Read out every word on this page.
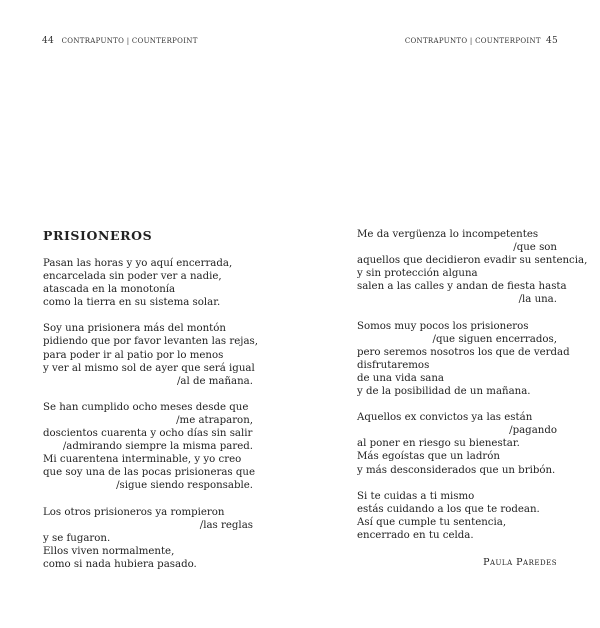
44 CONTRAPUNTO | COUNTERPOINT	CONTRAPUNTO | COUNTERPOINT 45
PRISIONEROS
Pasan las horas y yo aquí encerrada,
encarcelada sin poder ver a nadie,
atascada en la monotonía
como la tierra en su sistema solar.
Soy una prisionera más del montón
pidiendo que por favor levanten las rejas,
para poder ir al patio por lo menos
y ver al mismo sol de ayer que será igual
/al de mañana.
Se han cumplido ocho meses desde que
/me atraparon,
doscientos cuarenta y ocho días sin salir
/admirando siempre la misma pared.
Mi cuarentena interminable, y yo creo
que soy una de las pocas prisioneras que
/sigue siendo responsable.
Los otros prisioneros ya rompieron
/las reglas
y se fugaron.
Ellos viven normalmente,
como si nada hubiera pasado.
Me da vergüenza lo incompetentes
/que son
aquellos que decidieron evadir su sentencia,
y sin protección alguna
salen a las calles y andan de fiesta hasta
/la una.
Somos muy pocos los prisioneros
/que siguen encerrados,
pero seremos nosotros los que de verdad
disfrutaremos
de una vida sana
y de la posibilidad de un mañana.
Aquellos ex convictos ya las están
/pagando
al poner en riesgo su bienestar.
Más egoístas que un ladrón
y más desconsiderados que un bribón.
Si te cuidas a ti mismo
estás cuidando a los que te rodean.
Así que cumple tu sentencia,
encerrado en tu celda.
Paula Paredes
